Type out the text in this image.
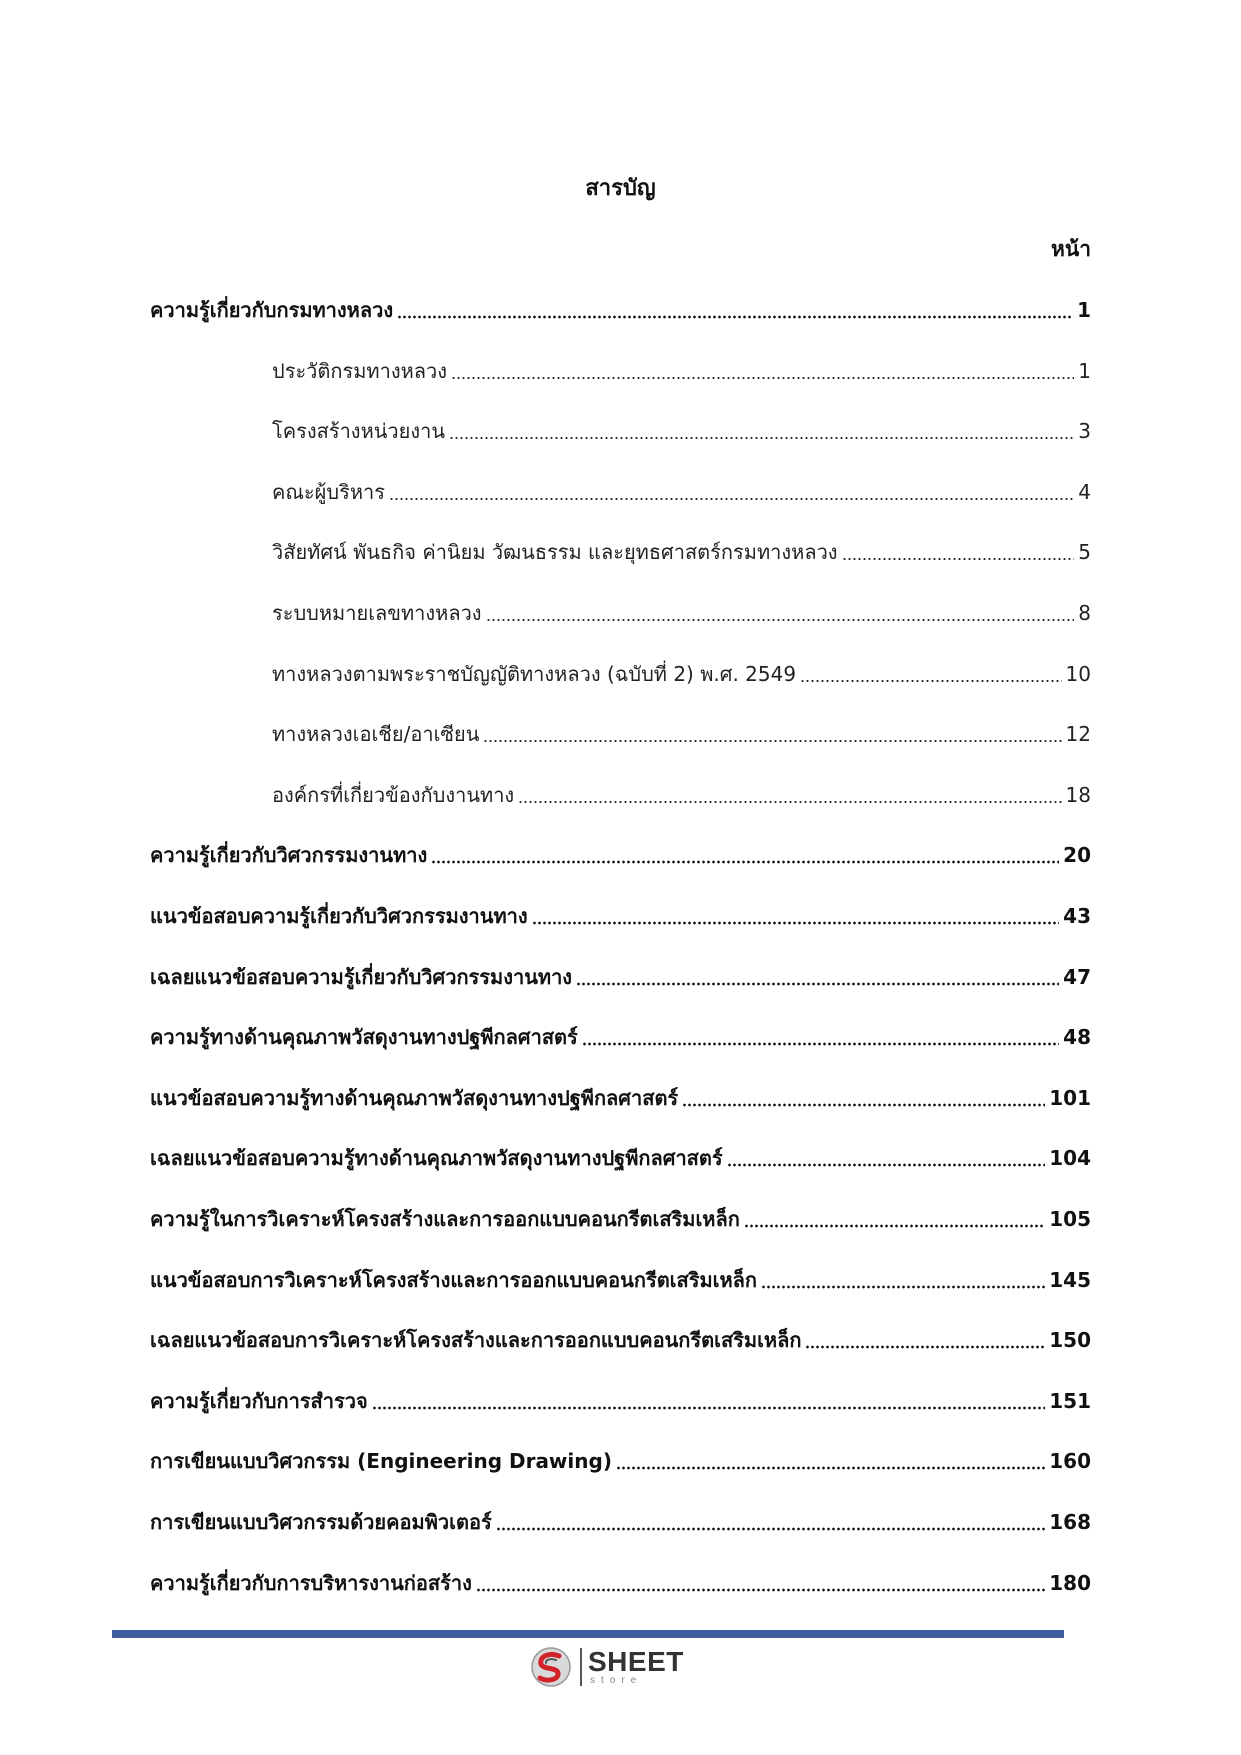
สารบัญ
หน้า
ความรู้เกี่ยวกับกรมทางหลวง	1
ประวัติกรมทางหลวง	1
โครงสร้างหน่วยงาน	3
คณะผู้บริหาร	4
วิสัยทัศน์ พันธกิจ ค่านิยม วัฒนธรรม และยุทธศาสตร์กรมทางหลวง	5
ระบบหมายเลขทางหลวง	8
ทางหลวงตามพระราชบัญญัติทางหลวง (ฉบับที่ 2) พ.ศ. 2549	10
ทางหลวงเอเชีย/อาเซียน	12
องค์กรที่เกี่ยวข้องกับงานทาง	18
ความรู้เกี่ยวกับวิศวกรรมงานทาง	20
แนวข้อสอบความรู้เกี่ยวกับวิศวกรรมงานทาง	43
เฉลยแนวข้อสอบความรู้เกี่ยวกับวิศวกรรมงานทาง	47
ความรู้ทางด้านคุณภาพวัสดุงานทางปฐพีกลศาสตร์	48
แนวข้อสอบความรู้ทางด้านคุณภาพวัสดุงานทางปฐพีกลศาสตร์	101
เฉลยแนวข้อสอบความรู้ทางด้านคุณภาพวัสดุงานทางปฐพีกลศาสตร์	104
ความรู้ในการวิเคราะห์โครงสร้างและการออกแบบคอนกรีตเสริมเหล็ก	105
แนวข้อสอบการวิเคราะห์โครงสร้างและการออกแบบคอนกรีตเสริมเหล็ก	145
เฉลยแนวข้อสอบการวิเคราะห์โครงสร้างและการออกแบบคอนกรีตเสริมเหล็ก	150
ความรู้เกี่ยวกับการสำรวจ	151
การเขียนแบบวิศวกรรม (Engineering Drawing)	160
การเขียนแบบวิศวกรรมด้วยคอมพิวเตอร์	168
ความรู้เกี่ยวกับการบริหารงานก่อสร้าง	180
SHEET
store
